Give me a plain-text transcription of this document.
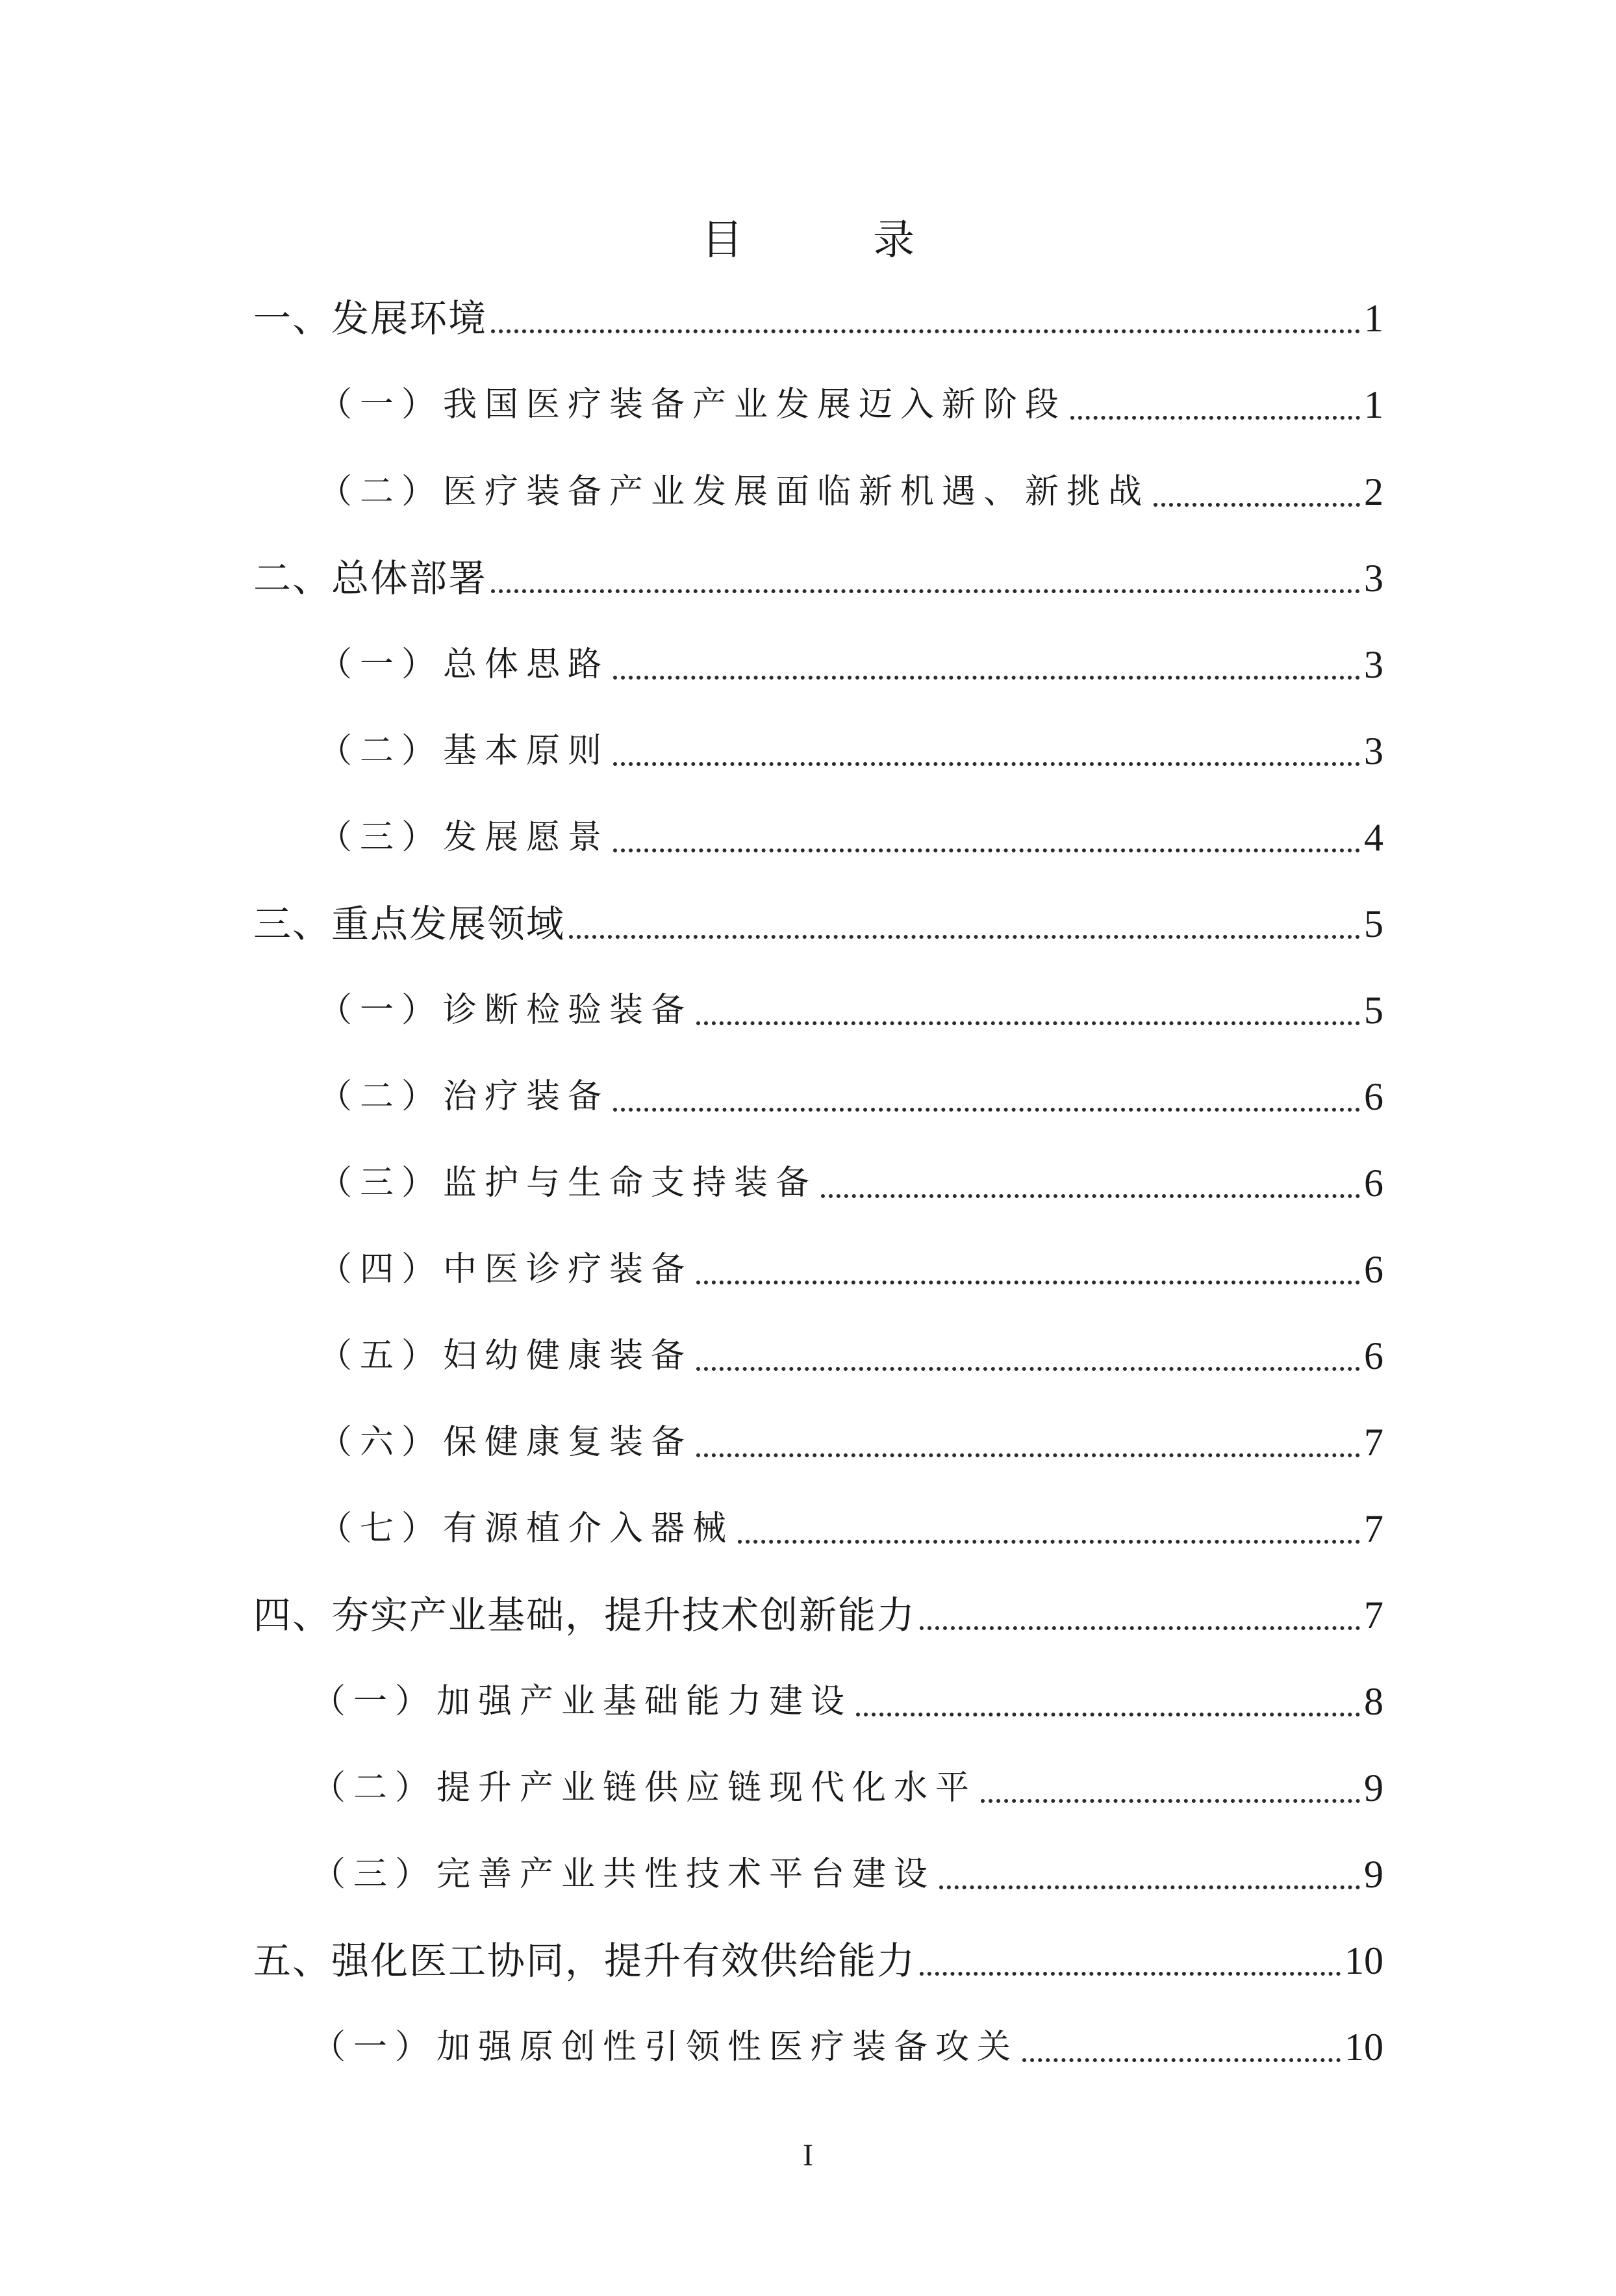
目 录
一、发展环境	1
（一）我国医疗装备产业发展迈入新阶段	1
（二）医疗装备产业发展面临新机遇、新挑战	2
二、总体部署	3
（一）总体思路	3
（二）基本原则	3
（三）发展愿景	4
三、重点发展领域	5
（一）诊断检验装备	5
（二）治疗装备	6
（三）监护与生命支持装备	6
（四）中医诊疗装备	6
（五）妇幼健康装备	6
（六）保健康复装备	7
（七）有源植介入器械	7
四、夯实产业基础，提升技术创新能力	7
（一）加强产业基础能力建设	8
（二）提升产业链供应链现代化水平	9
（三）完善产业共性技术平台建设	9
五、强化医工协同，提升有效供给能力	10
（一）加强原创性引领性医疗装备攻关	10
I
